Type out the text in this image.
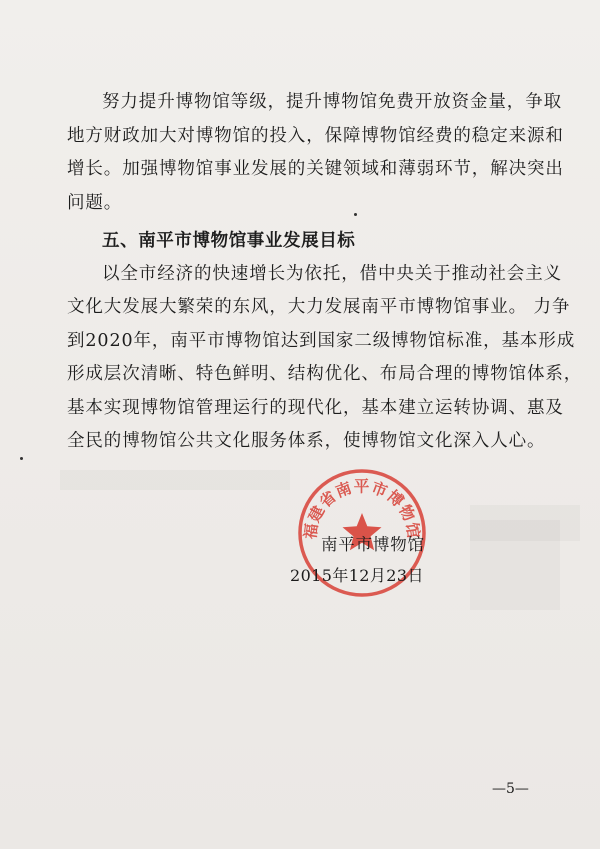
努力提升博物馆等级，提升博物馆免费开放资金量，争取
地方财政加大对博物馆的投入，保障博物馆经费的稳定来源和
增长。加强博物馆事业发展的关键领域和薄弱环节，解决突出
问题。
五、南平市博物馆事业发展目标
以全市经济的快速增长为依托，借中央关于推动社会主义
文化大发展大繁荣的东风，大力发展南平市博物馆事业。 力争
到2020年，南平市博物馆达到国家二级博物馆标准，基本形成
形成层次清晰、特色鲜明、结构优化、布局合理的博物馆体系，
基本实现博物馆管理运行的现代化，基本建立运转协调、惠及
全民的博物馆公共文化服务体系，使博物馆文化深入人心。
福建省南平市博物馆
南平市博物馆
2015年12月23日
—5—
